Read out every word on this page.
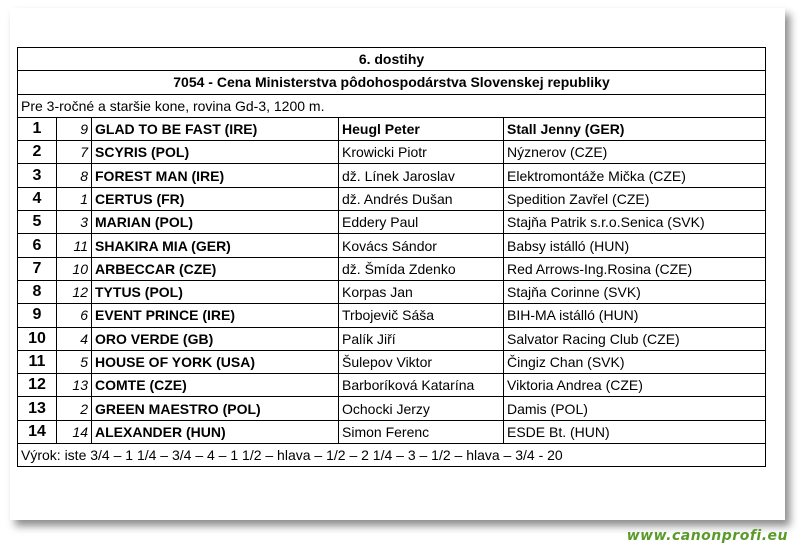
6. dostihy				
7054 - Cena Ministerstva pôdohospodárstva Slovenskej republiky				
Pre 3-ročné a staršie kone, rovina Gd-3, 1200 m.				
1	9	GLAD TO BE FAST (IRE)	Heugl Peter	Stall Jenny (GER)
2	7	SCYRIS (POL)	Krowicki Piotr	Nýznerov (CZE)
3	8	FOREST MAN (IRE)	dž. Línek Jaroslav	Elektromontáže Mička (CZE)
4	1	CERTUS (FR)	dž. Andrés Dušan	Spedition Zavřel (CZE)
5	3	MARIAN (POL)	Eddery Paul	Stajňa Patrik s.r.o.Senica (SVK)
6	11	SHAKIRA MIA (GER)	Kovács Sándor	Babsy istálló (HUN)
7	10	ARBECCAR (CZE)	dž. Šmída Zdenko	Red Arrows-Ing.Rosina (CZE)
8	12	TYTUS (POL)	Korpas Jan	Stajňa Corinne (SVK)
9	6	EVENT PRINCE (IRE)	Trbojevič Sáša	BIH-MA istálló (HUN)
10	4	ORO VERDE (GB)	Palík Jiří	Salvator Racing Club (CZE)
11	5	HOUSE OF YORK (USA)	Šulepov Viktor	Čingiz Chan (SVK)
12	13	COMTE (CZE)	Barboríková Katarína	Viktoria Andrea (CZE)
13	2	GREEN MAESTRO (POL)	Ochocki Jerzy	Damis (POL)
14	14	ALEXANDER (HUN)	Simon Ferenc	ESDE Bt. (HUN)
Výrok: iste 3/4 – 1 1/4 – 3/4 – 4 – 1 1/2 – hlava – 1/2 – 2 1/4 – 3 – 1/2 – hlava – 3/4 - 20				
www.canonprofi.eu
